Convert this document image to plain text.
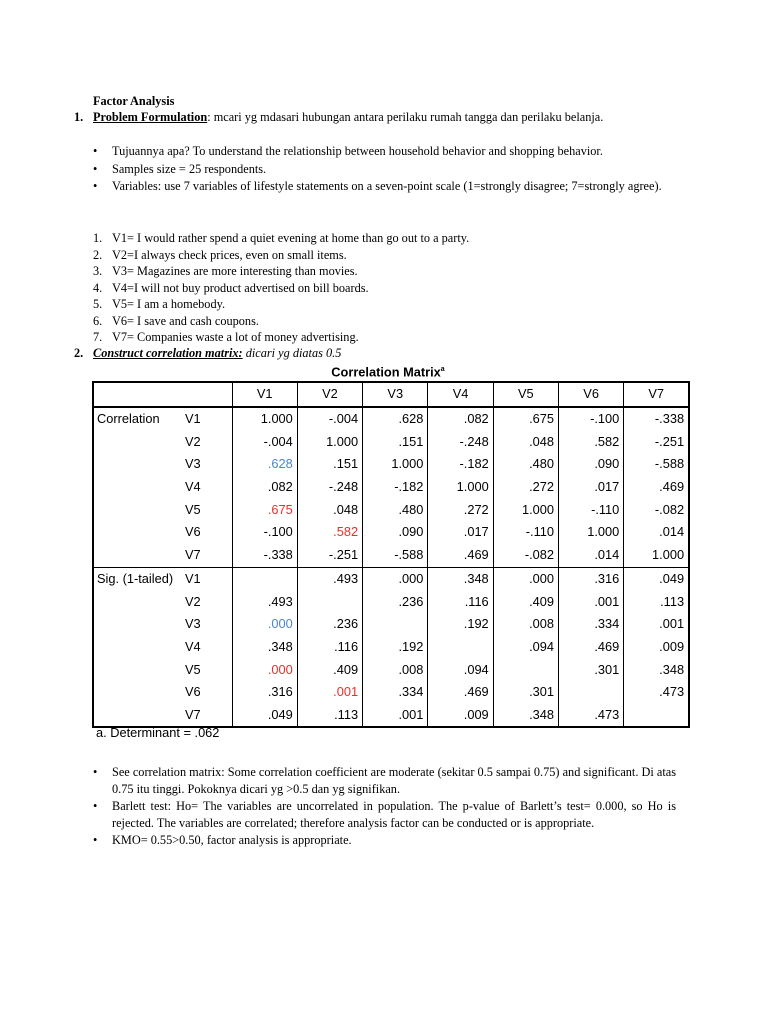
Factor Analysis
1. Problem Formulation: mcari yg mdasari hubungan antara perilaku rumah tangga dan perilaku belanja.
• Tujuannya apa? To understand the relationship between household behavior and shopping behavior.
• Samples size = 25 respondents.
• Variables: use 7 variables of lifestyle statements on a seven-point scale (1=strongly disagree; 7=strongly agree).
1. V1= I would rather spend a quiet evening at home than go out to a party.
2. V2=I always check prices, even on small items.
3. V3= Magazines are more interesting than movies.
4. V4=I will not buy product advertised on bill boards.
5. V5= I am a homebody.
6. V6= I save and cash coupons.
7. V7= Companies waste a lot of money advertising.
2. Construct correlation matrix: dicari yg diatas 0.5
Correlation Matrix$^a$
		V1	V2	V3	V4	V5	V6	V7
Correlation	V1	1.000	-.004	.628	.082	.675	-.100	-.338
	V2	-.004	1.000	.151	-.248	.048	.582	-.251
	V3	.628	.151	1.000	-.182	.480	.090	-.588
	V4	.082	-.248	-.182	1.000	.272	.017	.469
	V5	.675	.048	.480	.272	1.000	-.110	-.082
	V6	-.100	.582	.090	.017	-.110	1.000	.014
	V7	-.338	-.251	-.588	.469	-.082	.014	1.000
Sig. (1-tailed)	V1		.493	.000	.348	.000	.316	.049
	V2	.493		.236	.116	.409	.001	.113
	V3	.000	.236		.192	.008	.334	.001
	V4	.348	.116	.192		.094	.469	.009
	V5	.000	.409	.008	.094		.301	.348
	V6	.316	.001	.334	.469	.301		.473
	V7	.049	.113	.001	.009	.348	.473	
a. Determinant = .062
• See correlation matrix: Some correlation coefficient are moderate (sekitar 0.5 sampai 0.75) and significant. Di atas 0.75 itu tinggi. Pokoknya dicari yg >0.5 dan yg signifikan.
• Barlett test: Ho= The variables are uncorrelated in population. The p-value of Barlett’s test= 0.000, so Ho is rejected. The variables are correlated; therefore analysis factor can be conducted or is appropriate.
• KMO= 0.55>0.50, factor analysis is appropriate.
